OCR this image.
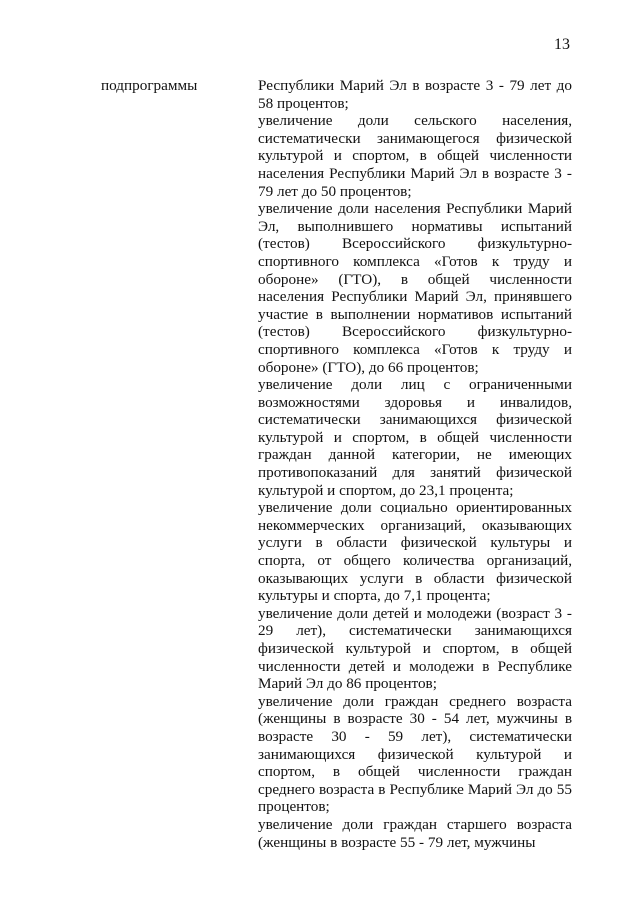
13
подпрограммы	Республики Марий Эл в возрасте 3 - 79 лет до 58 процентов;

увеличение доли сельского населения, систематически занимающегося физической культурой и спортом, в общей численности населения Республики Марий Эл в возрасте 3 - 79 лет до 50 процентов;

увеличение доли населения Республики Марий Эл, выполнившего нормативы испытаний (тестов) Всероссийского физкультурно-спортивного комплекса «Готов к труду и обороне» (ГТО), в общей численности населения Республики Марий Эл, принявшего участие в выполнении нормативов испытаний (тестов) Всероссийского физкультурно-спортивного комплекса «Готов к труду и обороне» (ГТО), до 66 процентов;

увеличение доли лиц с ограниченными возможностями здоровья и инвалидов, систематически занимающихся физической культурой и спортом, в общей численности граждан данной категории, не имеющих противопоказаний для занятий физической культурой и спортом, до 23,1 процента;

увеличение доли социально ориентированных некоммерческих организаций, оказывающих услуги в области физической культуры и спорта, от общего количества организаций, оказывающих услуги в области физической культуры и спорта, до 7,1 процента;

увеличение доли детей и молодежи (возраст 3 - 29 лет), систематически занимающихся физической культурой и спортом, в общей численности детей и молодежи в Республике Марий Эл до 86 процентов;

увеличение доли граждан среднего возраста (женщины в возрасте 30 - 54 лет, мужчины в возрасте 30 - 59 лет), систематически занимающихся физической культурой и спортом, в общей численности граждан среднего возраста в Республике Марий Эл до 55 процентов;

увеличение доли граждан старшего возраста (женщины в возрасте 55 - 79 лет, мужчины
